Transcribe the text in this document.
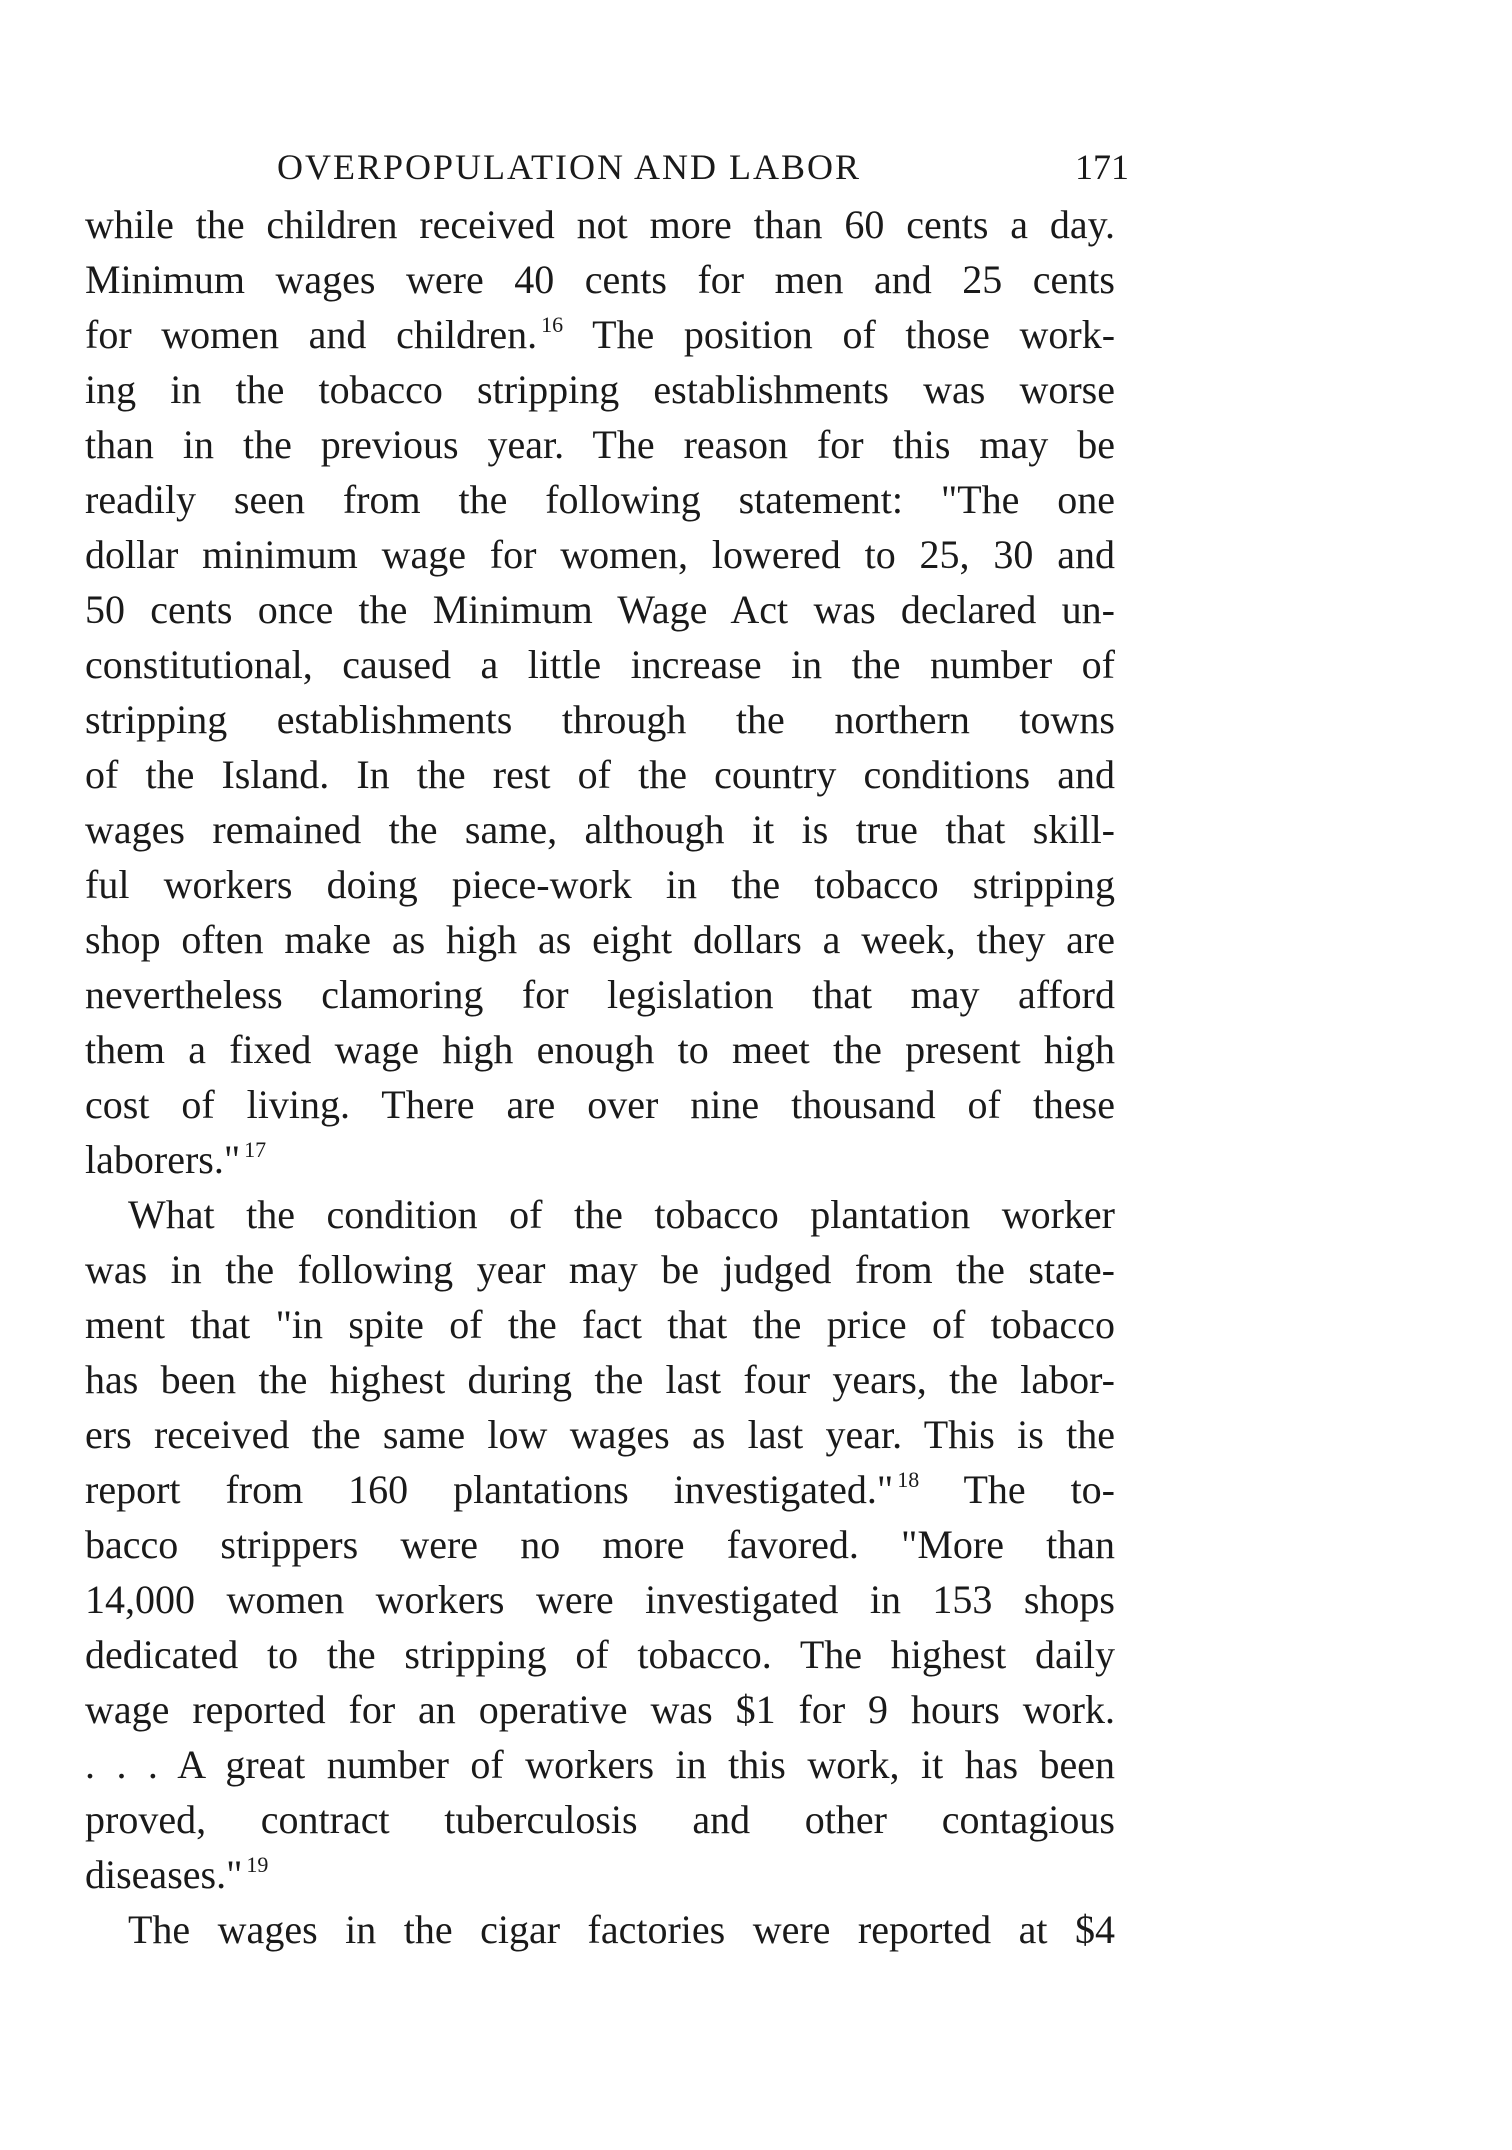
OVERPOPULATION AND LABOR	171
while the children received not more than 60 cents a day.
Minimum wages were 40 cents for men and 25 cents
for women and children. $^{16}$ The position of those work-
ing in the tobacco stripping establishments was worse
than in the previous year. The reason for this may be
readily seen from the following statement: "The one
dollar minimum wage for women, lowered to 25, 30 and
50 cents once the Minimum Wage Act was declared un-
constitutional, caused a little increase in the number of
stripping establishments through the northern towns
of the Island. In the rest of the country conditions and
wages remained the same, although it is true that skill-
ful workers doing piece-work in the tobacco stripping
shop often make as high as eight dollars a week, they are
nevertheless clamoring for legislation that may afford
them a fixed wage high enough to meet the present high
cost of living. There are over nine thousand of these
laborers." $^{17}$
What the condition of the tobacco plantation worker
was in the following year may be judged from the state-
ment that "in spite of the fact that the price of tobacco
has been the highest during the last four years, the labor-
ers received the same low wages as last year. This is the
report from 160 plantations investigated." $^{18}$ The to-
bacco strippers were no more favored. "More than
14,000 women workers were investigated in 153 shops
dedicated to the stripping of tobacco. The highest daily
wage reported for an operative was $1 for 9 hours work.
. . . A great number of workers in this work, it has been
proved, contract tuberculosis and other contagious
diseases." $^{19}$
The wages in the cigar factories were reported at $4
